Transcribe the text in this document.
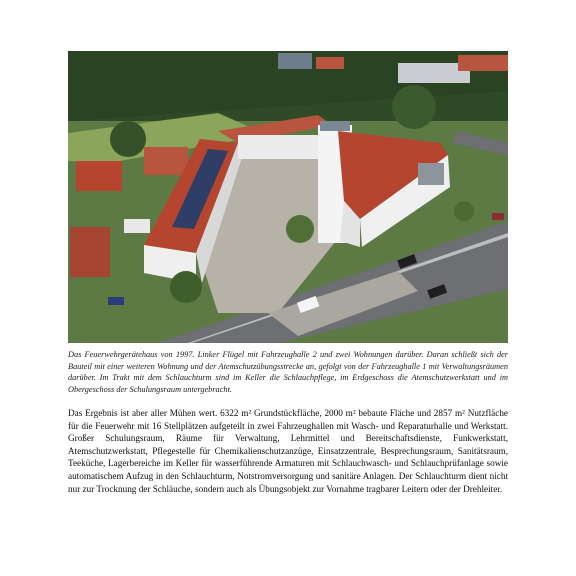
Das Feuerwehrgerätehaus von 1997. Linker Flügel mit Fahrzeughalle 2 und zwei Wohnungen darüber. Daran schließt sich der Bauteil mit einer weiteren Wohnung und der Atemschutzübungsstrecke an, gefolgt von der Fahrzeughalle 1 mit Verwaltungsräumen darüber. Im Trakt mit dem Schlauchturm sind im Keller die Schlauchpflege, im Erdgeschoss die Atemschutzwerkstatt und im Obergeschoss der Schulungsraum untergebracht.
Das Ergebnis ist aber aller Mühen wert. 6322 m² Grundstückfläche, 2000 m² bebaute Fläche und 2857 m² Nutzfläche für die Feuerwehr mit 16 Stellplätzen aufgeteilt in zwei Fahrzeughallen mit Wasch- und Reparaturhalle und Werkstatt. Großer Schulungsraum, Räume für Verwaltung, Lehrmittel und Bereitschaftsdienste, Funkwerkstatt, Atemschutzwerkstatt, Pflegestelle für Chemikalienschutzanzüge, Einsatzzentrale, Besprechungsraum, Sanitätsraum, Teeküche, Lagerbereiche im Keller für wasserführende Armaturen mit Schlauchwasch- und Schlauchprüfanlage sowie automatischem Aufzug in den Schlauchturm, Notstromversorgung und sanitäre Anlagen. Der Schlauchturm dient nicht nur zur Trocknung der Schläuche, sondern auch als Übungsobjekt zur Vornahme tragbarer Leitern oder der Drehleiter.
